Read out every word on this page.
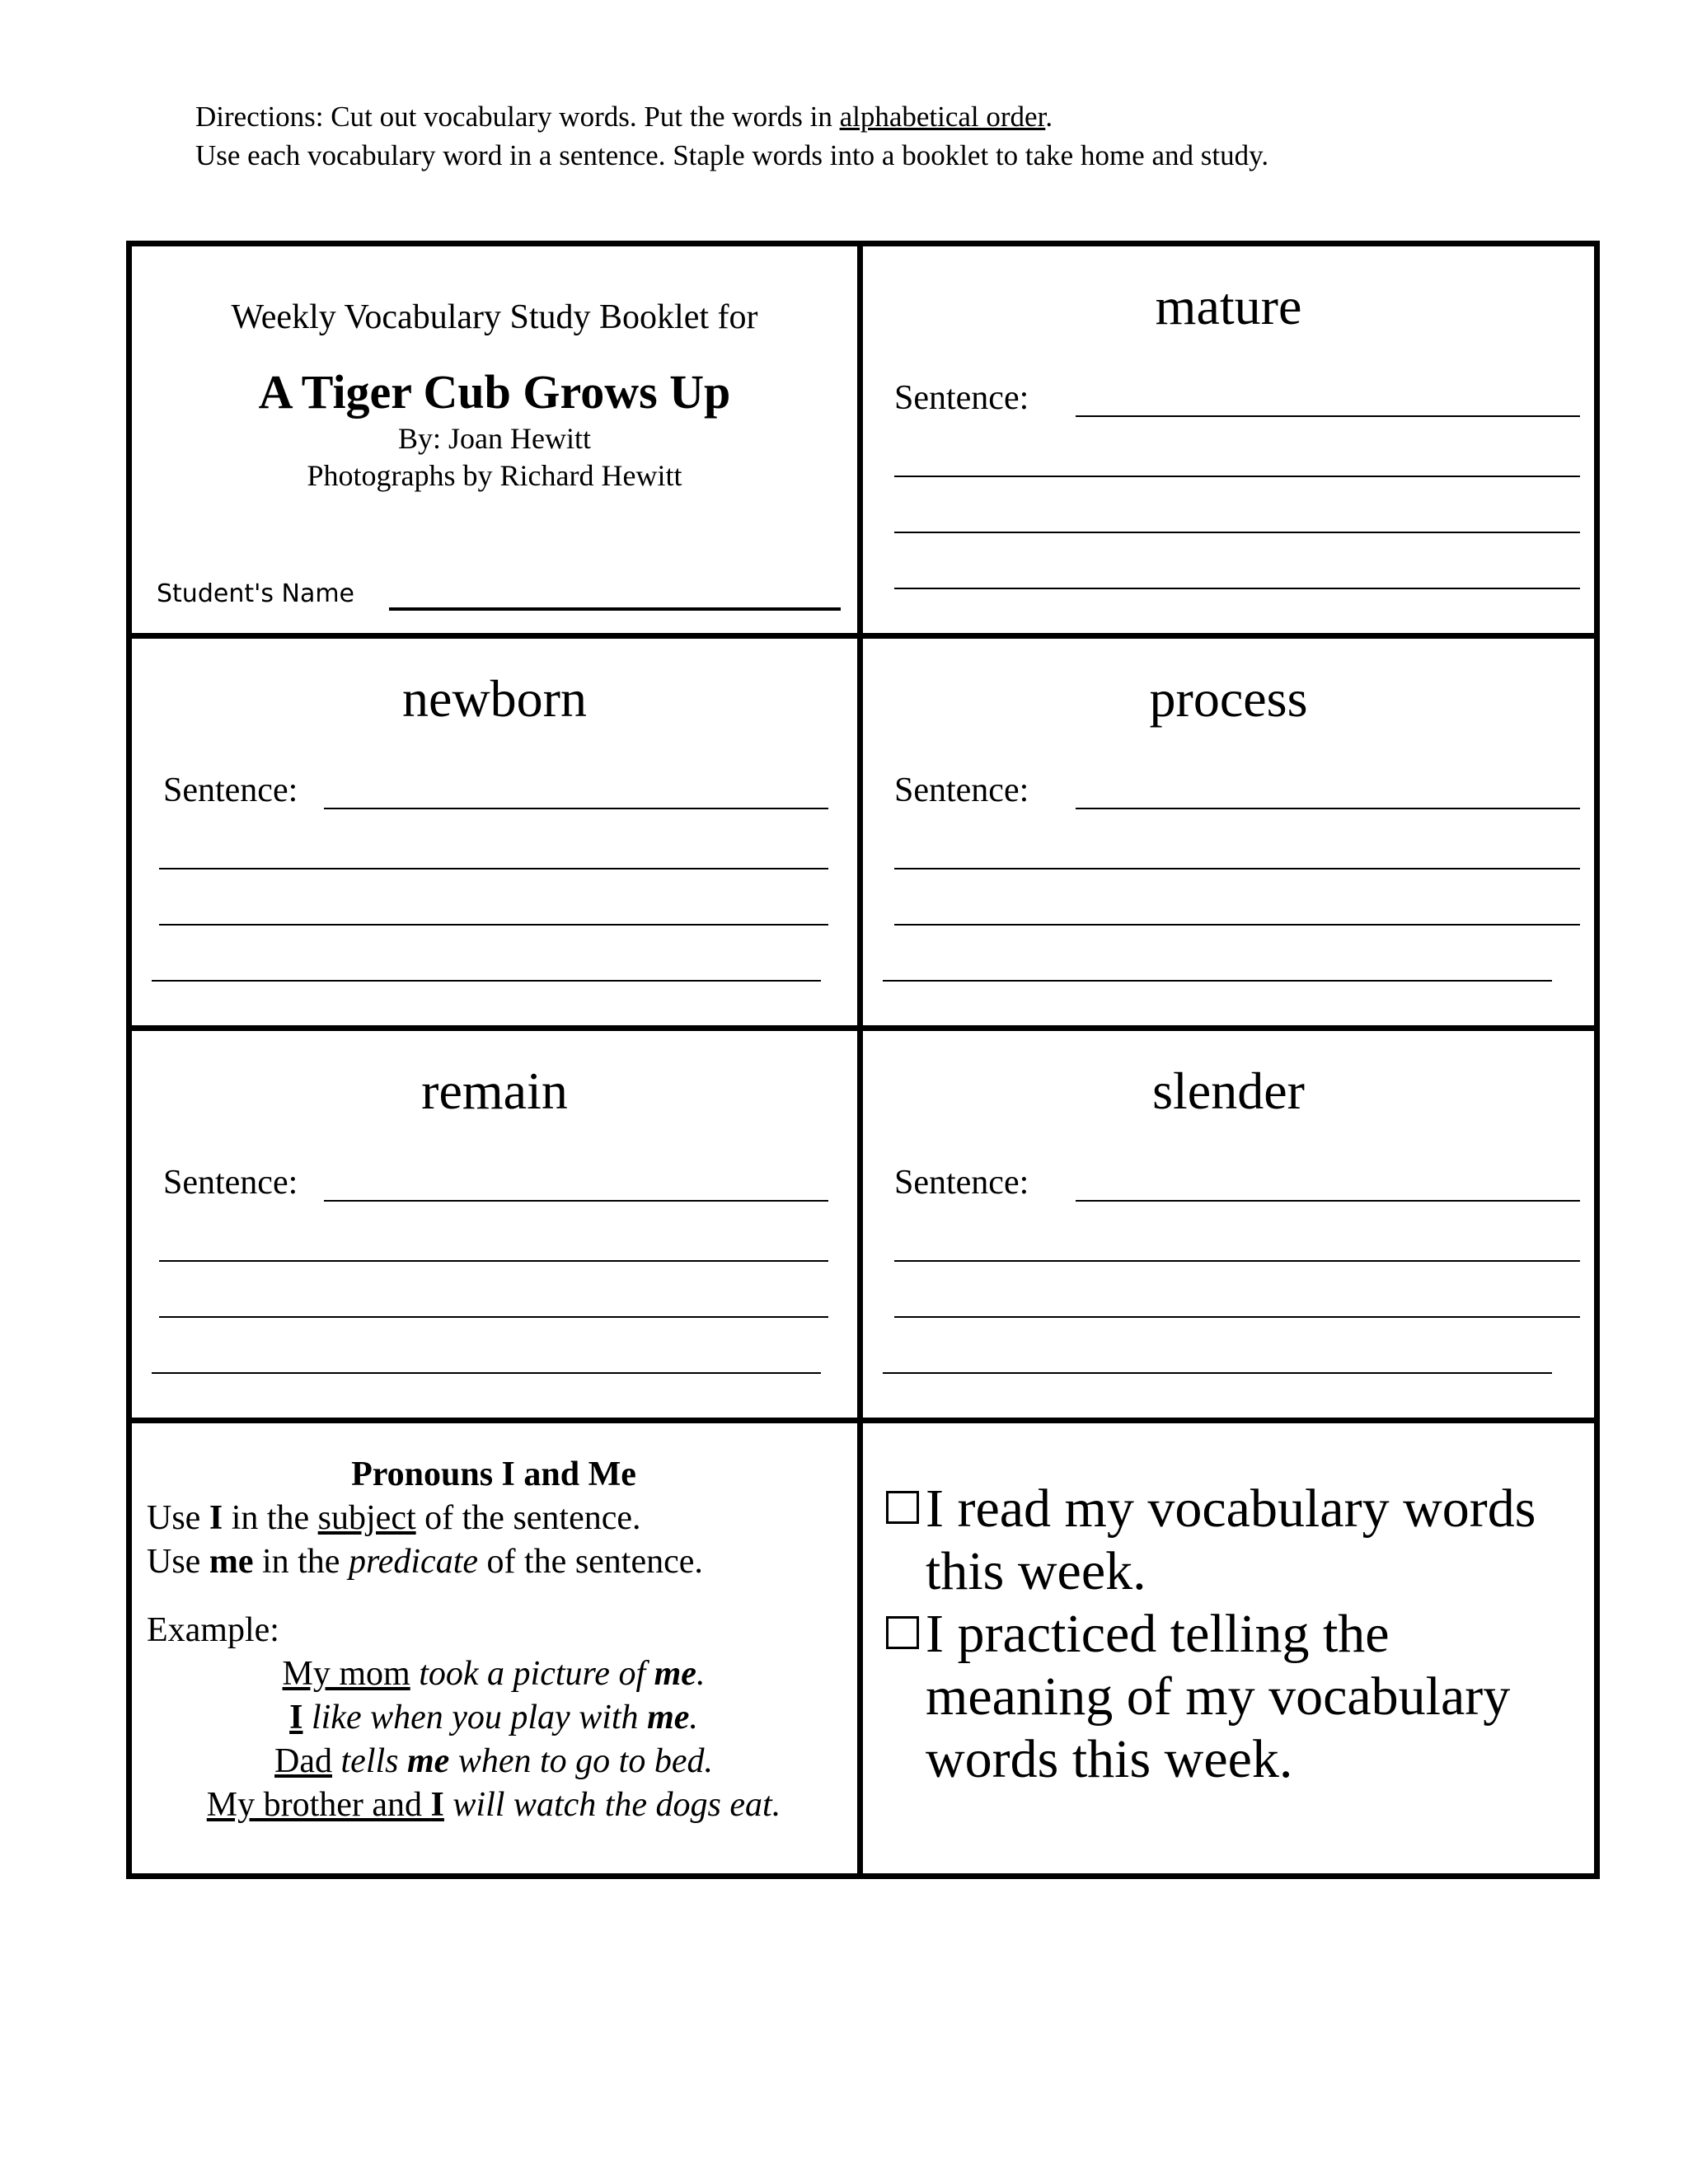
Directions: Cut out vocabulary words. Put the words in alphabetical order.

Use each vocabulary word in a sentence. Staple words into a booklet to take home and study.

Weekly Vocabulary Study Booklet for
A Tiger Cub Grows Up
By: Joan Hewitt
Photographs by Richard Hewitt
Student's Name
mature
Sentence:
newborn
Sentence:
process
Sentence:
remain
Sentence:
slender
Sentence:

Pronouns I and Me

Use I in the subject of the sentence.

Use me in the predicate of the sentence.

Example:

My mom took a picture of me.

I like when you play with me.

Dad tells me when to go to bed.

My brother and I will watch the dogs eat.

I read my vocabulary words this week.
I practiced telling the meaning of my vocabulary words this week.
